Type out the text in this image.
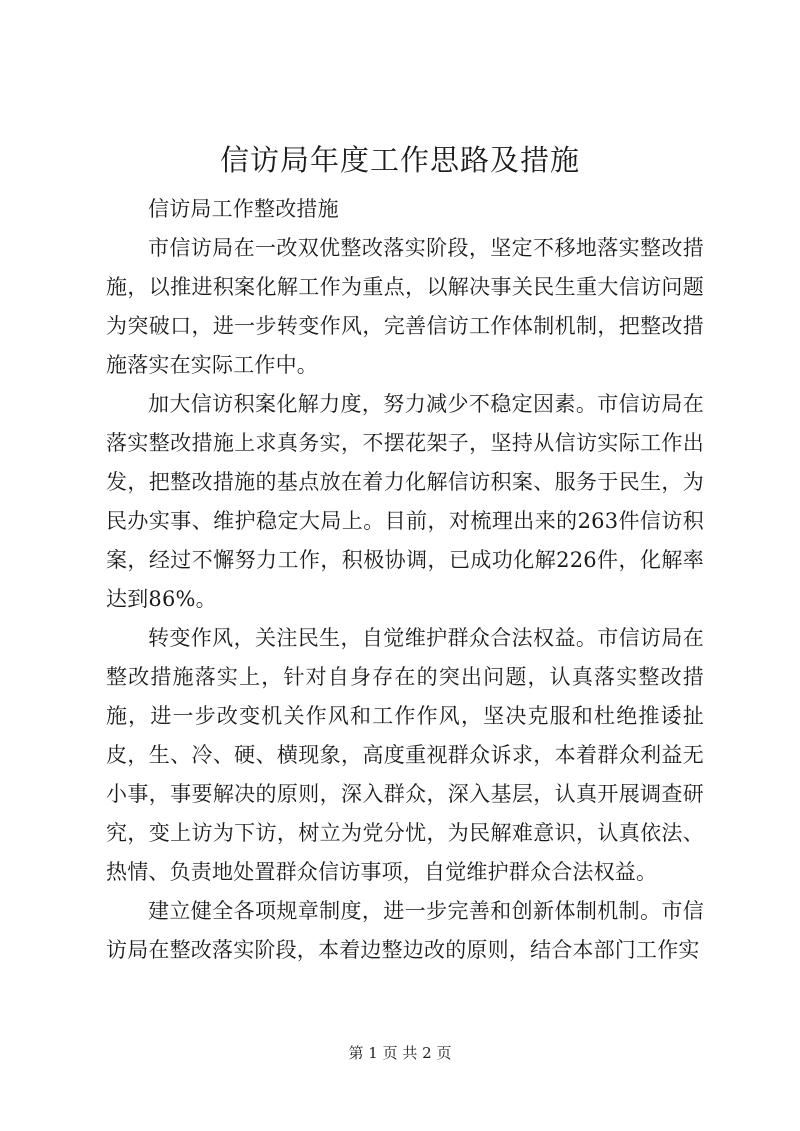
信访局年度工作思路及措施

信访局工作整改措施

市信访局在一改双优整改落实阶段，坚定不移地落实整改措施，以推进积案化解工作为重点，以解决事关民生重大信访问题为突破口，进一步转变作风，完善信访工作体制机制，把整改措施落实在实际工作中。

加大信访积案化解力度，努力减少不稳定因素。市信访局在落实整改措施上求真务实，不摆花架子，坚持从信访实际工作出发，把整改措施的基点放在着力化解信访积案、服务于民生，为民办实事、维护稳定大局上。目前，对梳理出来的263件信访积案，经过不懈努力工作，积极协调，已成功化解226件，化解率达到86%。

转变作风，关注民生，自觉维护群众合法权益。市信访局在整改措施落实上，针对自身存在的突出问题，认真落实整改措施，进一步改变机关作风和工作作风，坚决克服和杜绝推诿扯皮，生、冷、硬、横现象，高度重视群众诉求，本着群众利益无小事，事要解决的原则，深入群众，深入基层，认真开展调查研究，变上访为下访，树立为党分忧，为民解难意识，认真依法、热情、负责地处置群众信访事项，自觉维护群众合法权益。

建立健全各项规章制度，进一步完善和创新体制机制。市信访局在整改落实阶段，本着边整边改的原则，结合本部门工作实

第 1 页 共 2 页
